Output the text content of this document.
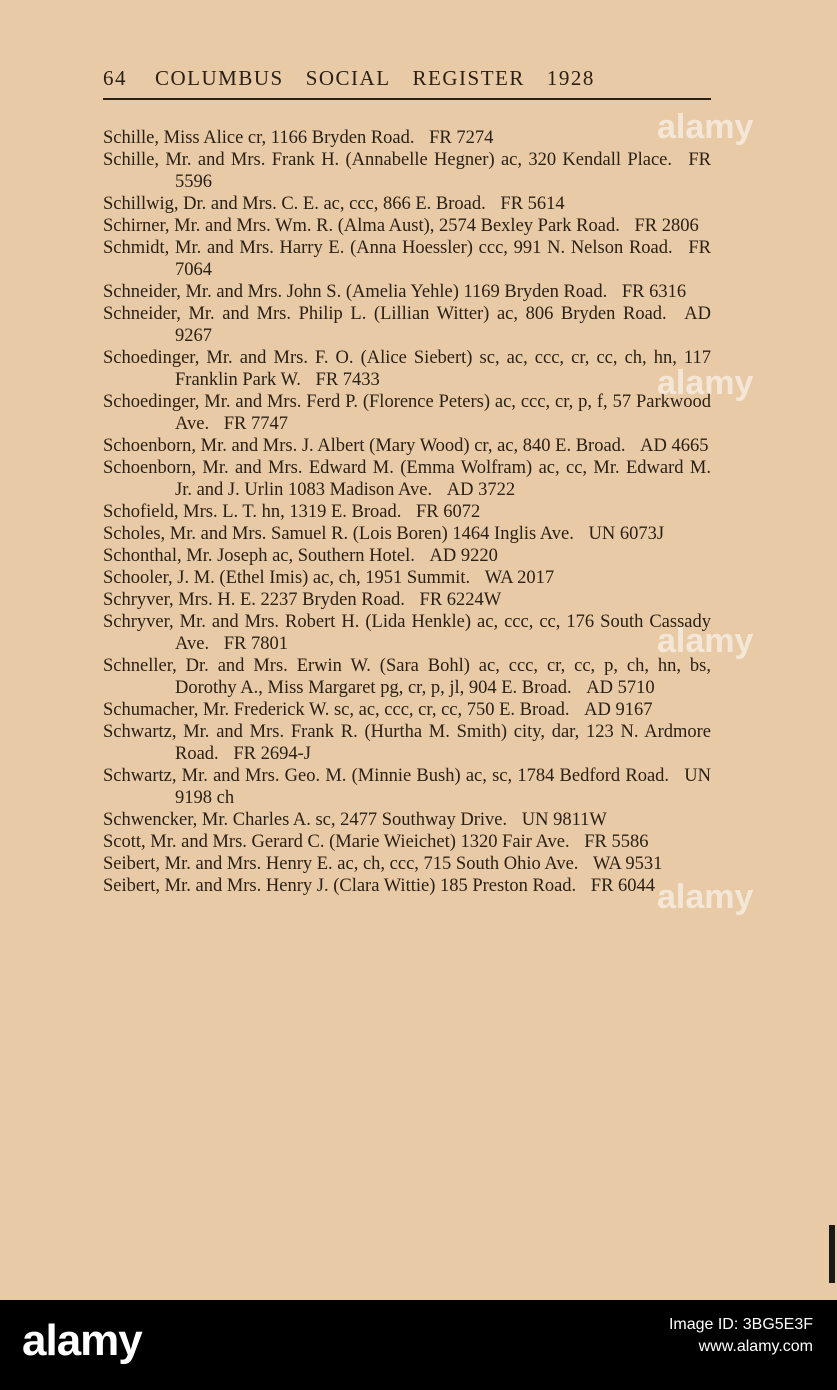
64 COLUMBUS SOCIAL REGISTER 1928

Schille, Miss Alice cr, 1166 Bryden Road. FR 7274

Schille, Mr. and Mrs. Frank H. (Annabelle Hegner) ac, 320 Kendall Place. FR 5596

Schillwig, Dr. and Mrs. C. E. ac, ccc, 866 E. Broad. FR 5614

Schirner, Mr. and Mrs. Wm. R. (Alma Aust), 2574 Bexley Park Road. FR 2806

Schmidt, Mr. and Mrs. Harry E. (Anna Hoessler) ccc, 991 N. Nelson Road. FR 7064

Schneider, Mr. and Mrs. John S. (Amelia Yehle) 1169 Bryden Road. FR 6316

Schneider, Mr. and Mrs. Philip L. (Lillian Witter) ac, 806 Bryden Road. AD 9267

Schoedinger, Mr. and Mrs. F. O. (Alice Siebert) sc, ac, ccc, cr, cc, ch, hn, 117 Franklin Park W. FR 7433

Schoedinger, Mr. and Mrs. Ferd P. (Florence Peters) ac, ccc, cr, p, f, 57 Parkwood Ave. FR 7747

Schoenborn, Mr. and Mrs. J. Albert (Mary Wood) cr, ac, 840 E. Broad. AD 4665

Schoenborn, Mr. and Mrs. Edward M. (Emma Wolfram) ac, cc, Mr. Edward M. Jr. and J. Urlin 1083 Madison Ave. AD 3722

Schofield, Mrs. L. T. hn, 1319 E. Broad. FR 6072

Scholes, Mr. and Mrs. Samuel R. (Lois Boren) 1464 Inglis Ave. UN 6073J

Schonthal, Mr. Joseph ac, Southern Hotel. AD 9220

Schooler, J. M. (Ethel Imis) ac, ch, 1951 Summit. WA 2017

Schryver, Mrs. H. E. 2237 Bryden Road. FR 6224W

Schryver, Mr. and Mrs. Robert H. (Lida Henkle) ac, ccc, cc, 176 South Cassady Ave. FR 7801

Schneller, Dr. and Mrs. Erwin W. (Sara Bohl) ac, ccc, cr, cc, p, ch, hn, bs, Dorothy A., Miss Margaret pg, cr, p, jl, 904 E. Broad. AD 5710

Schumacher, Mr. Frederick W. sc, ac, ccc, cr, cc, 750 E. Broad. AD 9167

Schwartz, Mr. and Mrs. Frank R. (Hurtha M. Smith) city, dar, 123 N. Ardmore Road. FR 2694-J

Schwartz, Mr. and Mrs. Geo. M. (Minnie Bush) ac, sc, 1784 Bedford Road. UN 9198 ch

Schwencker, Mr. Charles A. sc, 2477 Southway Drive. UN 9811W

Scott, Mr. and Mrs. Gerard C. (Marie Wieichet) 1320 Fair Ave. FR 5586

Seibert, Mr. and Mrs. Henry E. ac, ch, ccc, 715 South Ohio Ave. WA 9531

Seibert, Mr. and Mrs. Henry J. (Clara Wittie) 185 Preston Road. FR 6044

alamy
alamy
alamy
alamy
alamy	Image ID: 3BG5E3F
www.alamy.com
